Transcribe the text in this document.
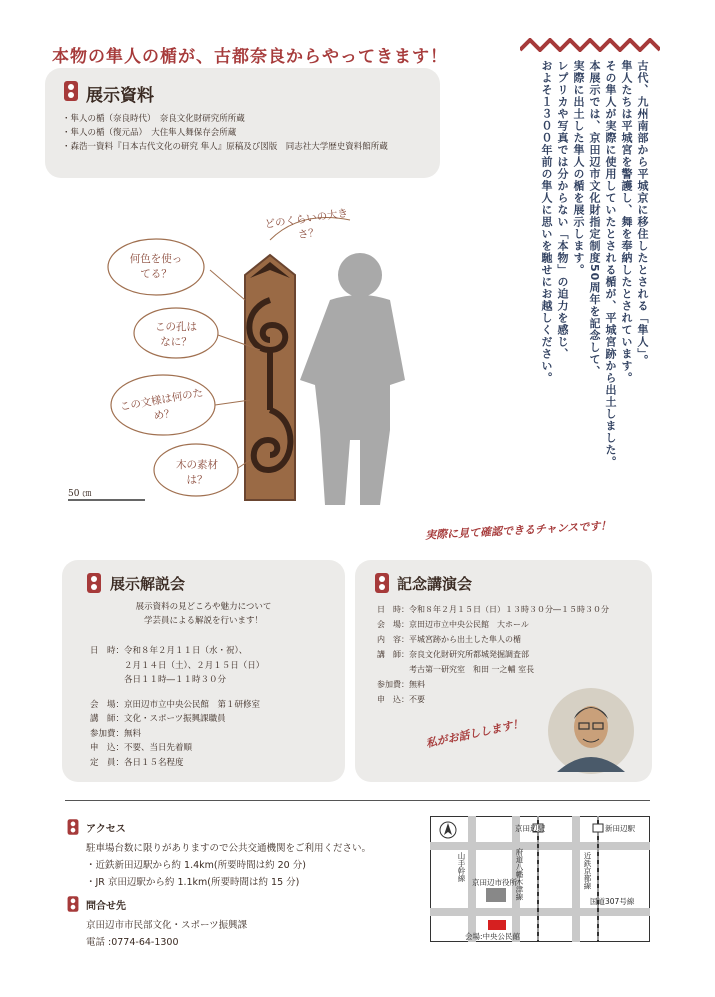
本物の隼人の楯が、古都奈良からやってきます！
展示資料
・隼人の楯（奈良時代）　奈良文化財研究所所蔵
・隼人の楯（復元品）　大住隼人舞保存会所蔵
・森浩一資料『日本古代文化の研究 隼人』原稿及び図版　同志社大学歴史資料館所蔵	古代、九州南部から平城京に移住したとされる「隼人」。
隼人たちは平城宮を警護し、舞を奉納したとされています。
その隼人が実際に使用していたとされる楯が、平城宮跡から出土しました。
本展示では、京田辺市文化財指定制度50周年を記念して、
実際に出土した隼人の楯を展示します。
レプリカや写真では分からない「本物」の迫力を感じ、
およそ１３００年前の隼人に思いを馳せにお越しください。
どのくらいの大きさ？
何色を使ってる？
この孔はなに？
この文様は何のため？
木の素材は？
50 ㎝
実際に見て確認できるチャンスです！
展示解説会
展示資料の見どころや魅力について
学芸員による解説を行います！
日　時：令和８年２月１１日（水・祝）、
　　　　２月１４日（土）、２月１５日（日）
　　　　各日１１時―１１時３０分
会　場：京田辺市立中央公民館　第１研修室
講　師：文化・スポーツ振興課職員
参加費：無料
申　込：不要、当日先着順
定　員：各日１５名程度
記念講演会
日　時：令和８年２月１５日（日）１３時３０分―１５時３０分
会　場：京田辺市立中央公民館　大ホール
内　容：平城宮跡から出土した隼人の楯
講　師：奈良文化財研究所都城発掘調査部
　　　　考古第一研究室　和田 一之輔 室長
参加費：無料
申　込：不要
私がお話しします！
アクセス
駐車場台数に限りがありますので公共交通機関をご利用ください。
・近鉄新田辺駅から約 1.4km(所要時間は約 20 分)
・JR 京田辺駅から約 1.1km(所要時間は約 15 分)
問合せ先
京田辺市市民部文化・スポーツ振興課
電話 :0774-64-1300
京田辺駅	新田辺駅
山手幹線	府道八幡木津線	近鉄京都線
京田辺市役所
国道307号線
会場:中央公民館
